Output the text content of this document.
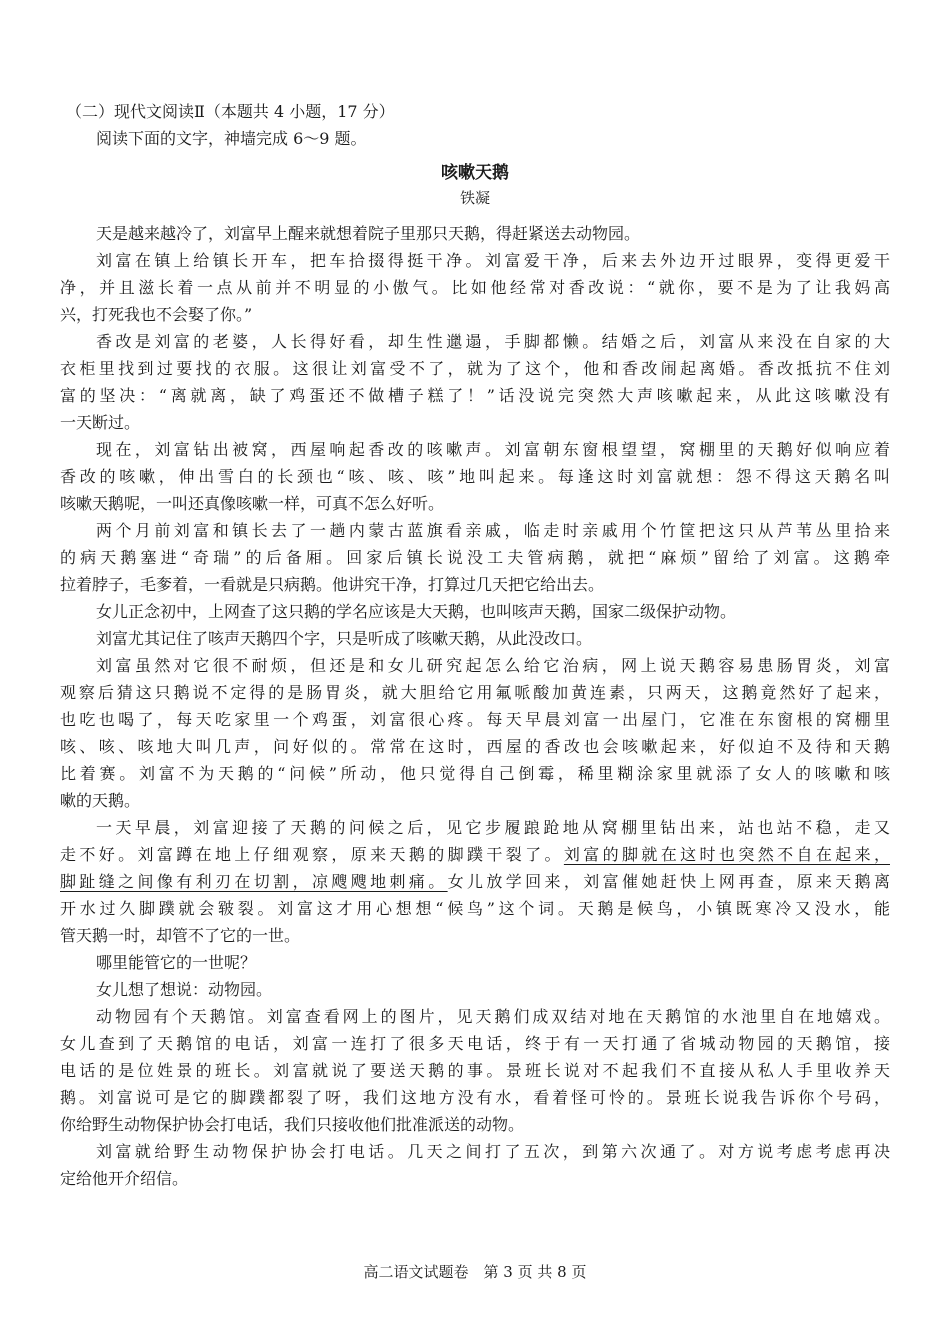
（二）现代文阅读Ⅱ（本题共 4 小题，17 分）
阅读下面的文字，神墙完成 6～9 题。
咳嗽天鹅
铁凝
天是越来越冷了，刘富早上醒来就想着院子里那只天鹅，得赶紧送去动物园。
刘富在镇上给镇长开车，把车拾掇得挺干净。刘富爱干净，后来去外边开过眼界，变得更爱干
净，并且滋长着一点从前并不明显的小傲气。比如他经常对香改说：“就你，要不是为了让我妈高
兴，打死我也不会娶了你。”
香改是刘富的老婆，人长得好看，却生性邋遢，手脚都懒。结婚之后，刘富从来没在自家的大
衣柜里找到过要找的衣服。这很让刘富受不了，就为了这个，他和香改闹起离婚。香改抵抗不住刘
富的坚决：“离就离，缺了鸡蛋还不做槽子糕了！”话没说完突然大声咳嗽起来，从此这咳嗽没有
一天断过。
现在，刘富钻出被窝，西屋响起香改的咳嗽声。刘富朝东窗根望望，窝棚里的天鹅好似响应着
香改的咳嗽，伸出雪白的长颈也“咳、咳、咳”地叫起来。每逢这时刘富就想：怨不得这天鹅名叫
咳嗽天鹅呢，一叫还真像咳嗽一样，可真不怎么好听。
两个月前刘富和镇长去了一趟内蒙古蓝旗看亲戚，临走时亲戚用个竹筐把这只从芦苇丛里拾来
的病天鹅塞进“奇瑞”的后备厢。回家后镇长说没工夫管病鹅，就把“麻烦”留给了刘富。这鹅牵
拉着脖子，毛奓着，一看就是只病鹅。他讲究干净，打算过几天把它给出去。
女儿正念初中，上网查了这只鹅的学名应该是大天鹅，也叫咳声天鹅，国家二级保护动物。
刘富尤其记住了咳声天鹅四个字，只是听成了咳嗽天鹅，从此没改口。
刘富虽然对它很不耐烦，但还是和女儿研究起怎么给它治病，网上说天鹅容易患肠胃炎，刘富
观察后猜这只鹅说不定得的是肠胃炎，就大胆给它用氟哌酸加黄连素，只两天，这鹅竟然好了起来，
也吃也喝了，每天吃家里一个鸡蛋，刘富很心疼。每天早晨刘富一出屋门，它准在东窗根的窝棚里
咳、咳、咳地大叫几声，问好似的。常常在这时，西屋的香改也会咳嗽起来，好似迫不及待和天鹅
比着赛。刘富不为天鹅的“问候”所动，他只觉得自己倒霉，稀里糊涂家里就添了女人的咳嗽和咳
嗽的天鹅。
一天早晨，刘富迎接了天鹅的问候之后，见它步履踉跄地从窝棚里钻出来，站也站不稳，走又
走不好。刘富蹲在地上仔细观察，原来天鹅的脚蹼干裂了。刘富的脚就在这时也突然不自在起来，
脚趾缝之间像有利刃在切割，凉飕飕地刺痛。女儿放学回来，刘富催她赶快上网再查，原来天鹅离
开水过久脚蹼就会皲裂。刘富这才用心想想“候鸟”这个词。天鹅是候鸟，小镇既寒冷又没水，能
管天鹅一时，却管不了它的一世。
哪里能管它的一世呢？
女儿想了想说：动物园。
动物园有个天鹅馆。刘富查看网上的图片，见天鹅们成双结对地在天鹅馆的水池里自在地嬉戏。
女儿查到了天鹅馆的电话，刘富一连打了很多天电话，终于有一天打通了省城动物园的天鹅馆，接
电话的是位姓景的班长。刘富就说了要送天鹅的事。景班长说对不起我们不直接从私人手里收养天
鹅。刘富说可是它的脚蹼都裂了呀，我们这地方没有水，看着怪可怜的。景班长说我告诉你个号码，
你给野生动物保护协会打电话，我们只接收他们批准派送的动物。
刘富就给野生动物保护协会打电话。几天之间打了五次，到第六次通了。对方说考虑考虑再决
定给他开介绍信。
高二语文试题卷　第 3 页 共 8 页
